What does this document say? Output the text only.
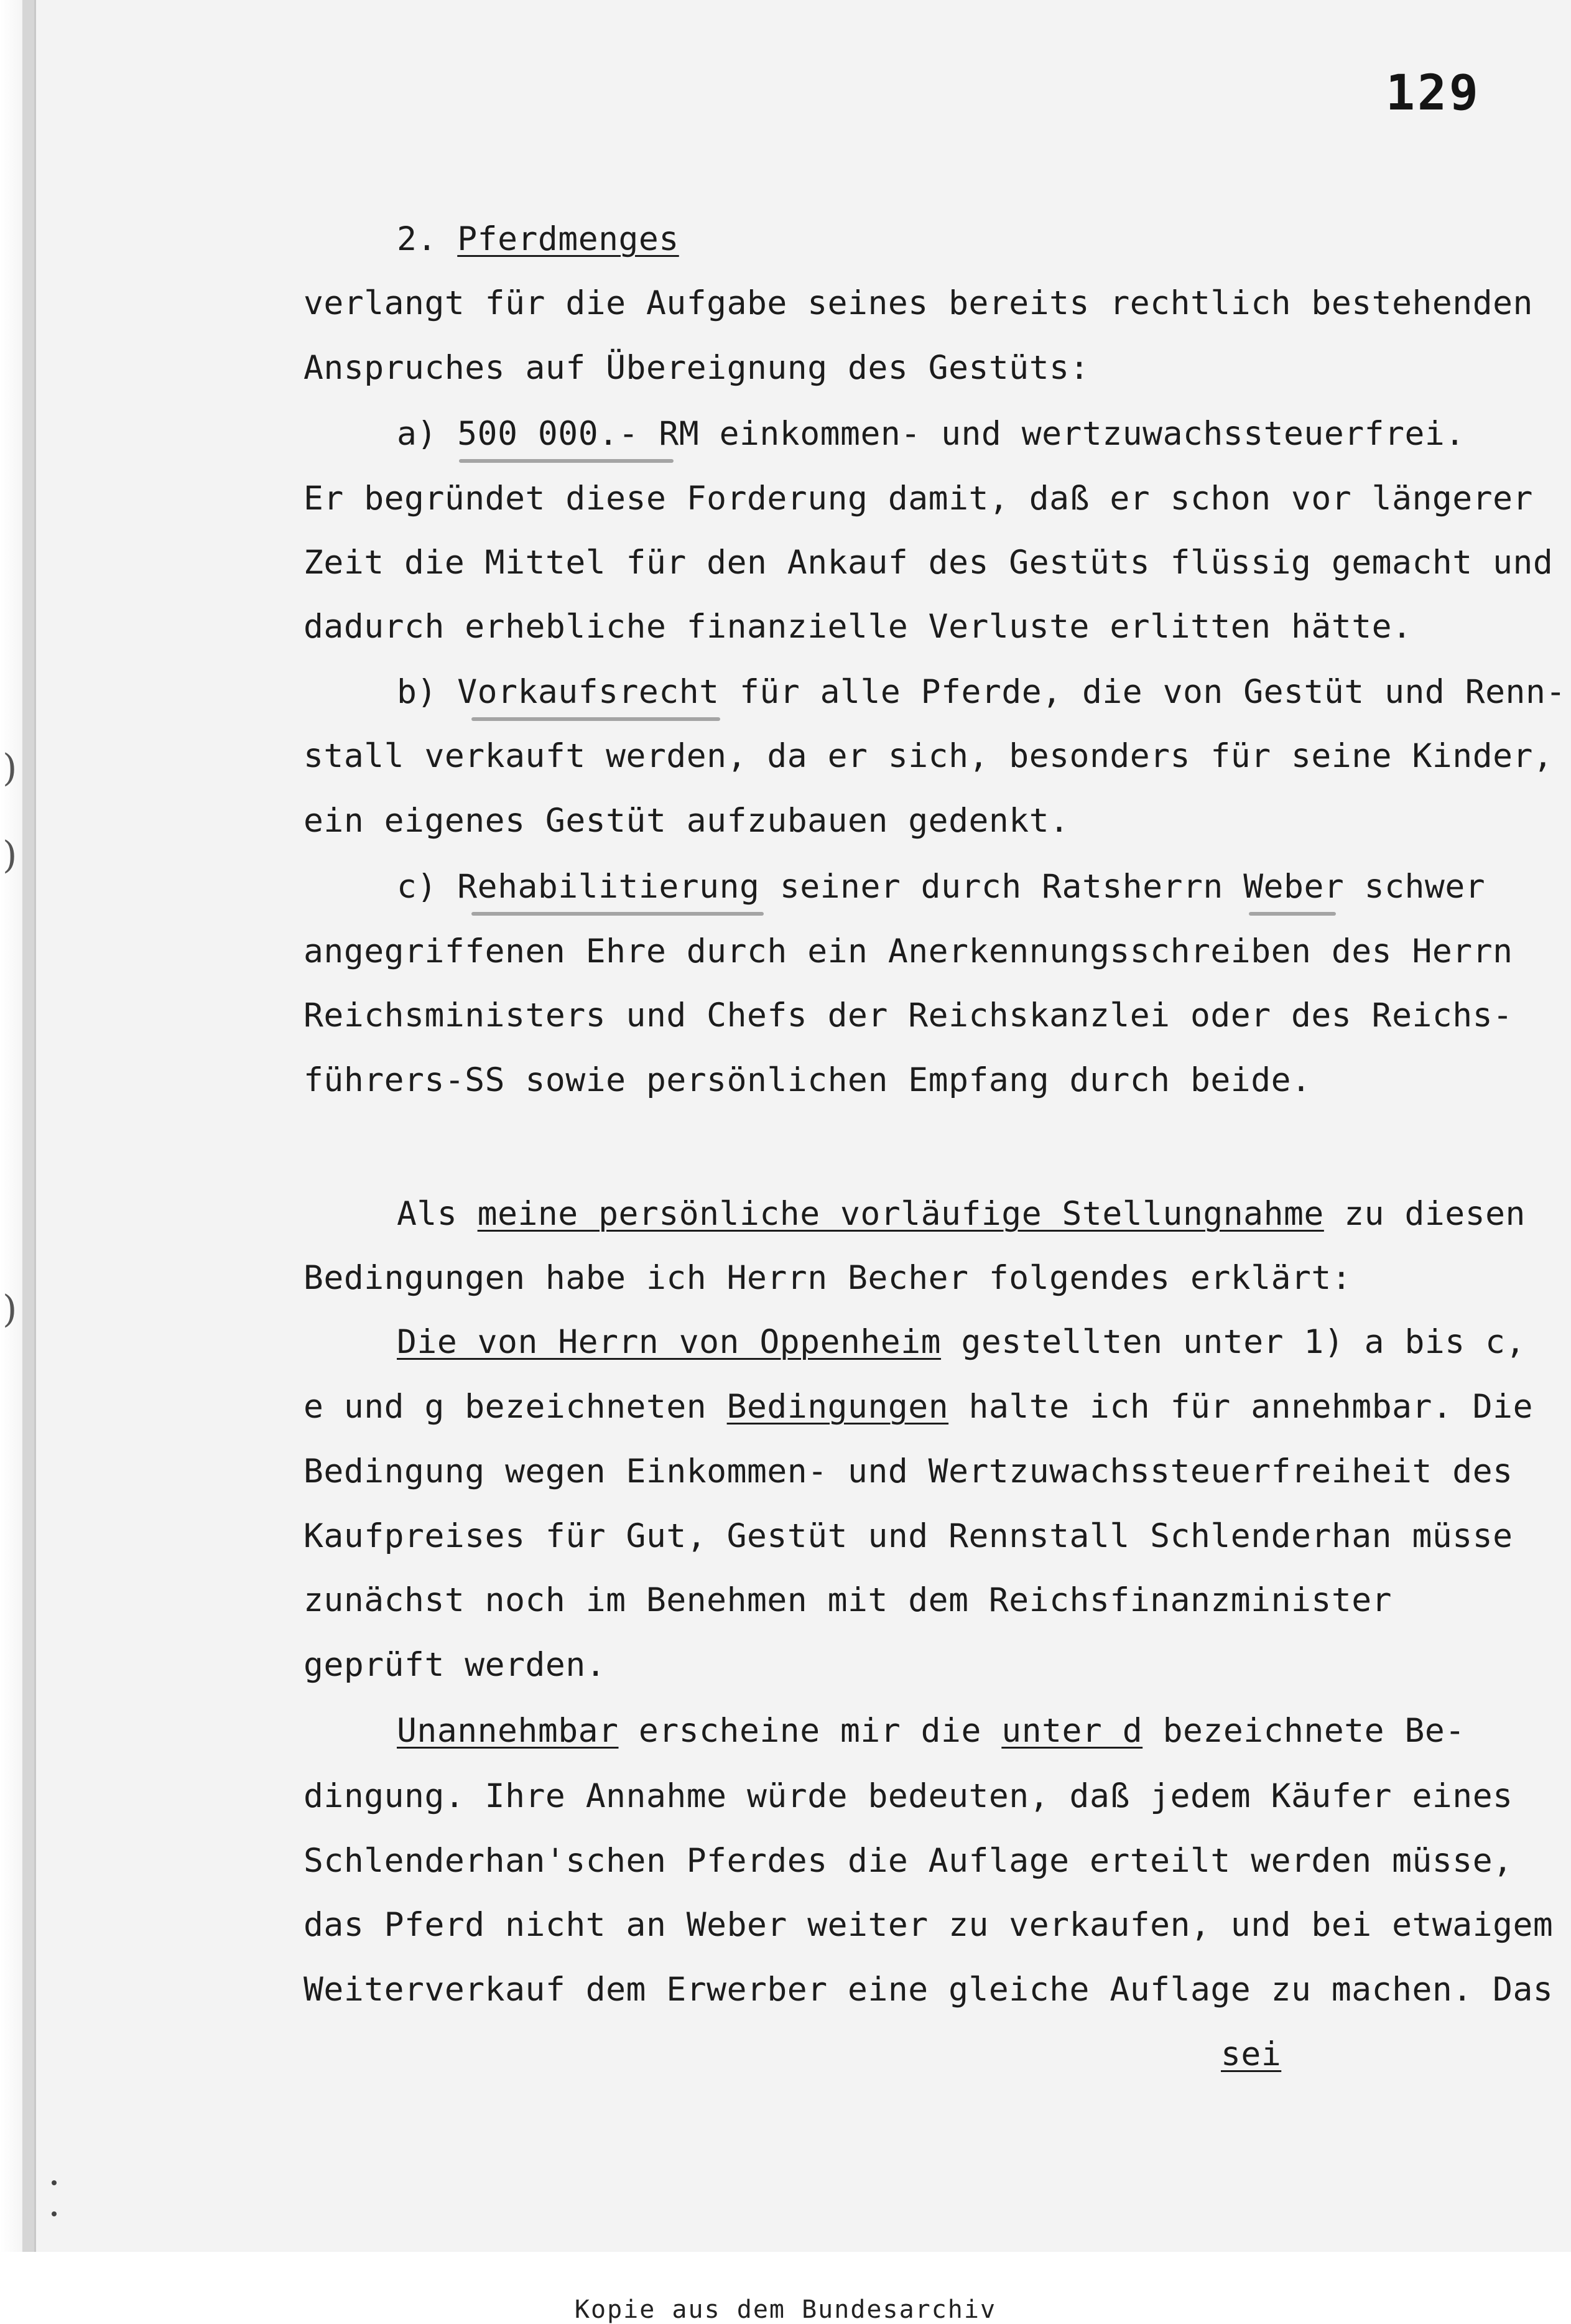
)
)
)
129
2. Pferdmenges
verlangt für die Aufgabe seines bereits rechtlich bestehenden
Anspruches auf Übereignung des Gestüts:
a) 500 000.- RM einkommen- und wertzuwachssteuerfrei.
Er begründet diese Forderung damit, daß er schon vor längerer
Zeit die Mittel für den Ankauf des Gestüts flüssig gemacht und
dadurch erhebliche finanzielle Verluste erlitten hätte.
b) Vorkaufsrecht für alle Pferde, die von Gestüt und Renn-
stall verkauft werden, da er sich, besonders für seine Kinder,
ein eigenes Gestüt aufzubauen gedenkt.
c) Rehabilitierung seiner durch Ratsherrn Weber schwer
angegriffenen Ehre durch ein Anerkennungsschreiben des Herrn
Reichsministers und Chefs der Reichskanzlei oder des Reichs-
führers-SS sowie persönlichen Empfang durch beide.
Als meine persönliche vorläufige Stellungnahme zu diesen
Bedingungen habe ich Herrn Becher folgendes erklärt:
Die von Herrn von Oppenheim gestellten unter 1) a bis c,
e und g bezeichneten Bedingungen halte ich für annehmbar. Die
Bedingung wegen Einkommen- und Wertzuwachssteuerfreiheit des
Kaufpreises für Gut, Gestüt und Rennstall Schlenderhan müsse
zunächst noch im Benehmen mit dem Reichsfinanzminister
geprüft werden.
Unannehmbar erscheine mir die unter d bezeichnete Be-
dingung. Ihre Annahme würde bedeuten, daß jedem Käufer eines
Schlenderhan'schen Pferdes die Auflage erteilt werden müsse,
das Pferd nicht an Weber weiter zu verkaufen, und bei etwaigem
Weiterverkauf dem Erwerber eine gleiche Auflage zu machen. Das
sei
Kopie aus dem Bundesarchiv
